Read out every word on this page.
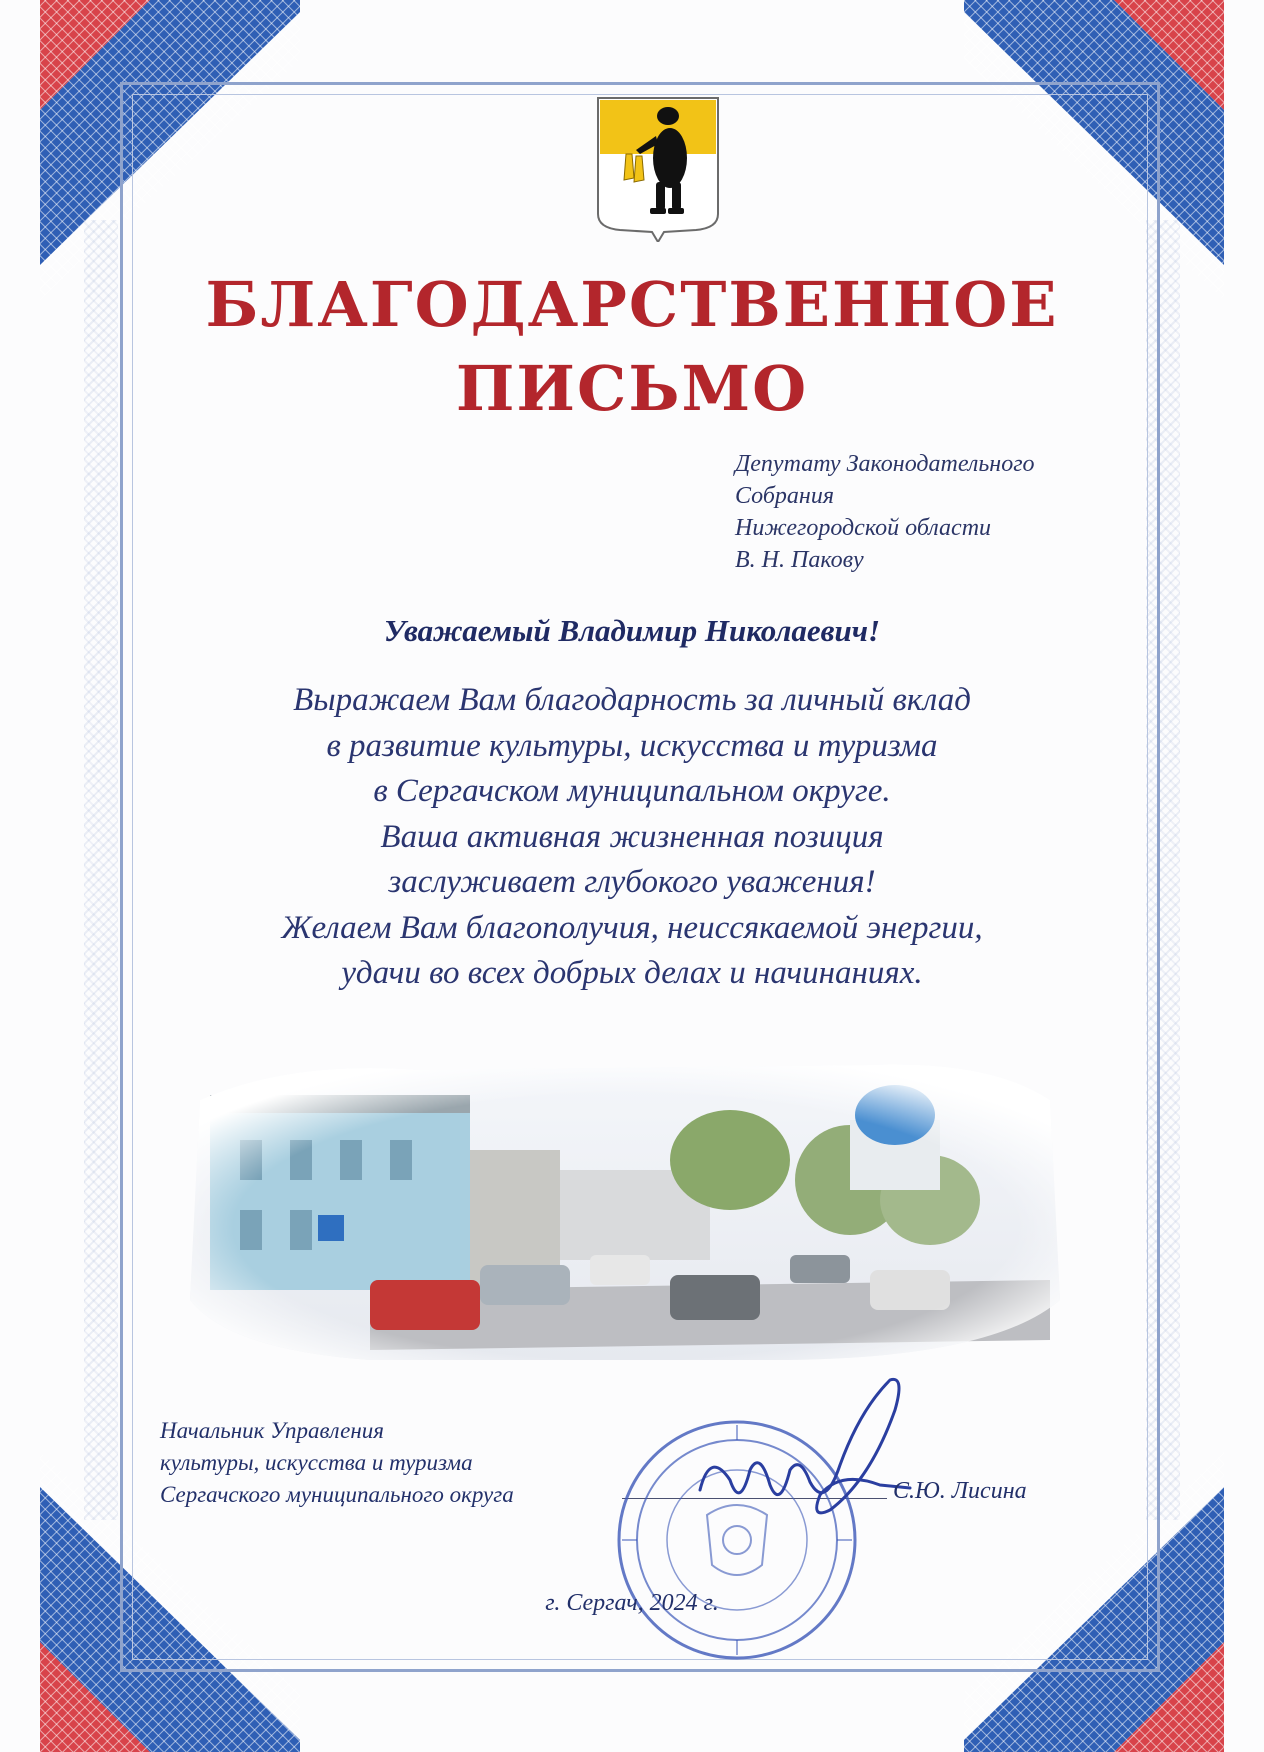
БЛАГОДАРСТВЕННОЕ
ПИСЬМО
Депутату Законодательного
Собрания
Нижегородской области
В. Н. Пакову
Уважаемый Владимир Николаевич!
Выражаем Вам благодарность за личный вклад
в развитие культуры, искусства и туризма
в Сергачском муниципальном округе.
Ваша активная жизненная позиция
заслуживает глубокого уважения!
Желаем Вам благополучия, неиссякаемой энергии,
удачи во всех добрых делах и начинаниях.
Начальник Управления
культуры, искусства и туризма
Сергачского муниципального округа	С.Ю. Лисина
г. Сергач, 2024 г.
